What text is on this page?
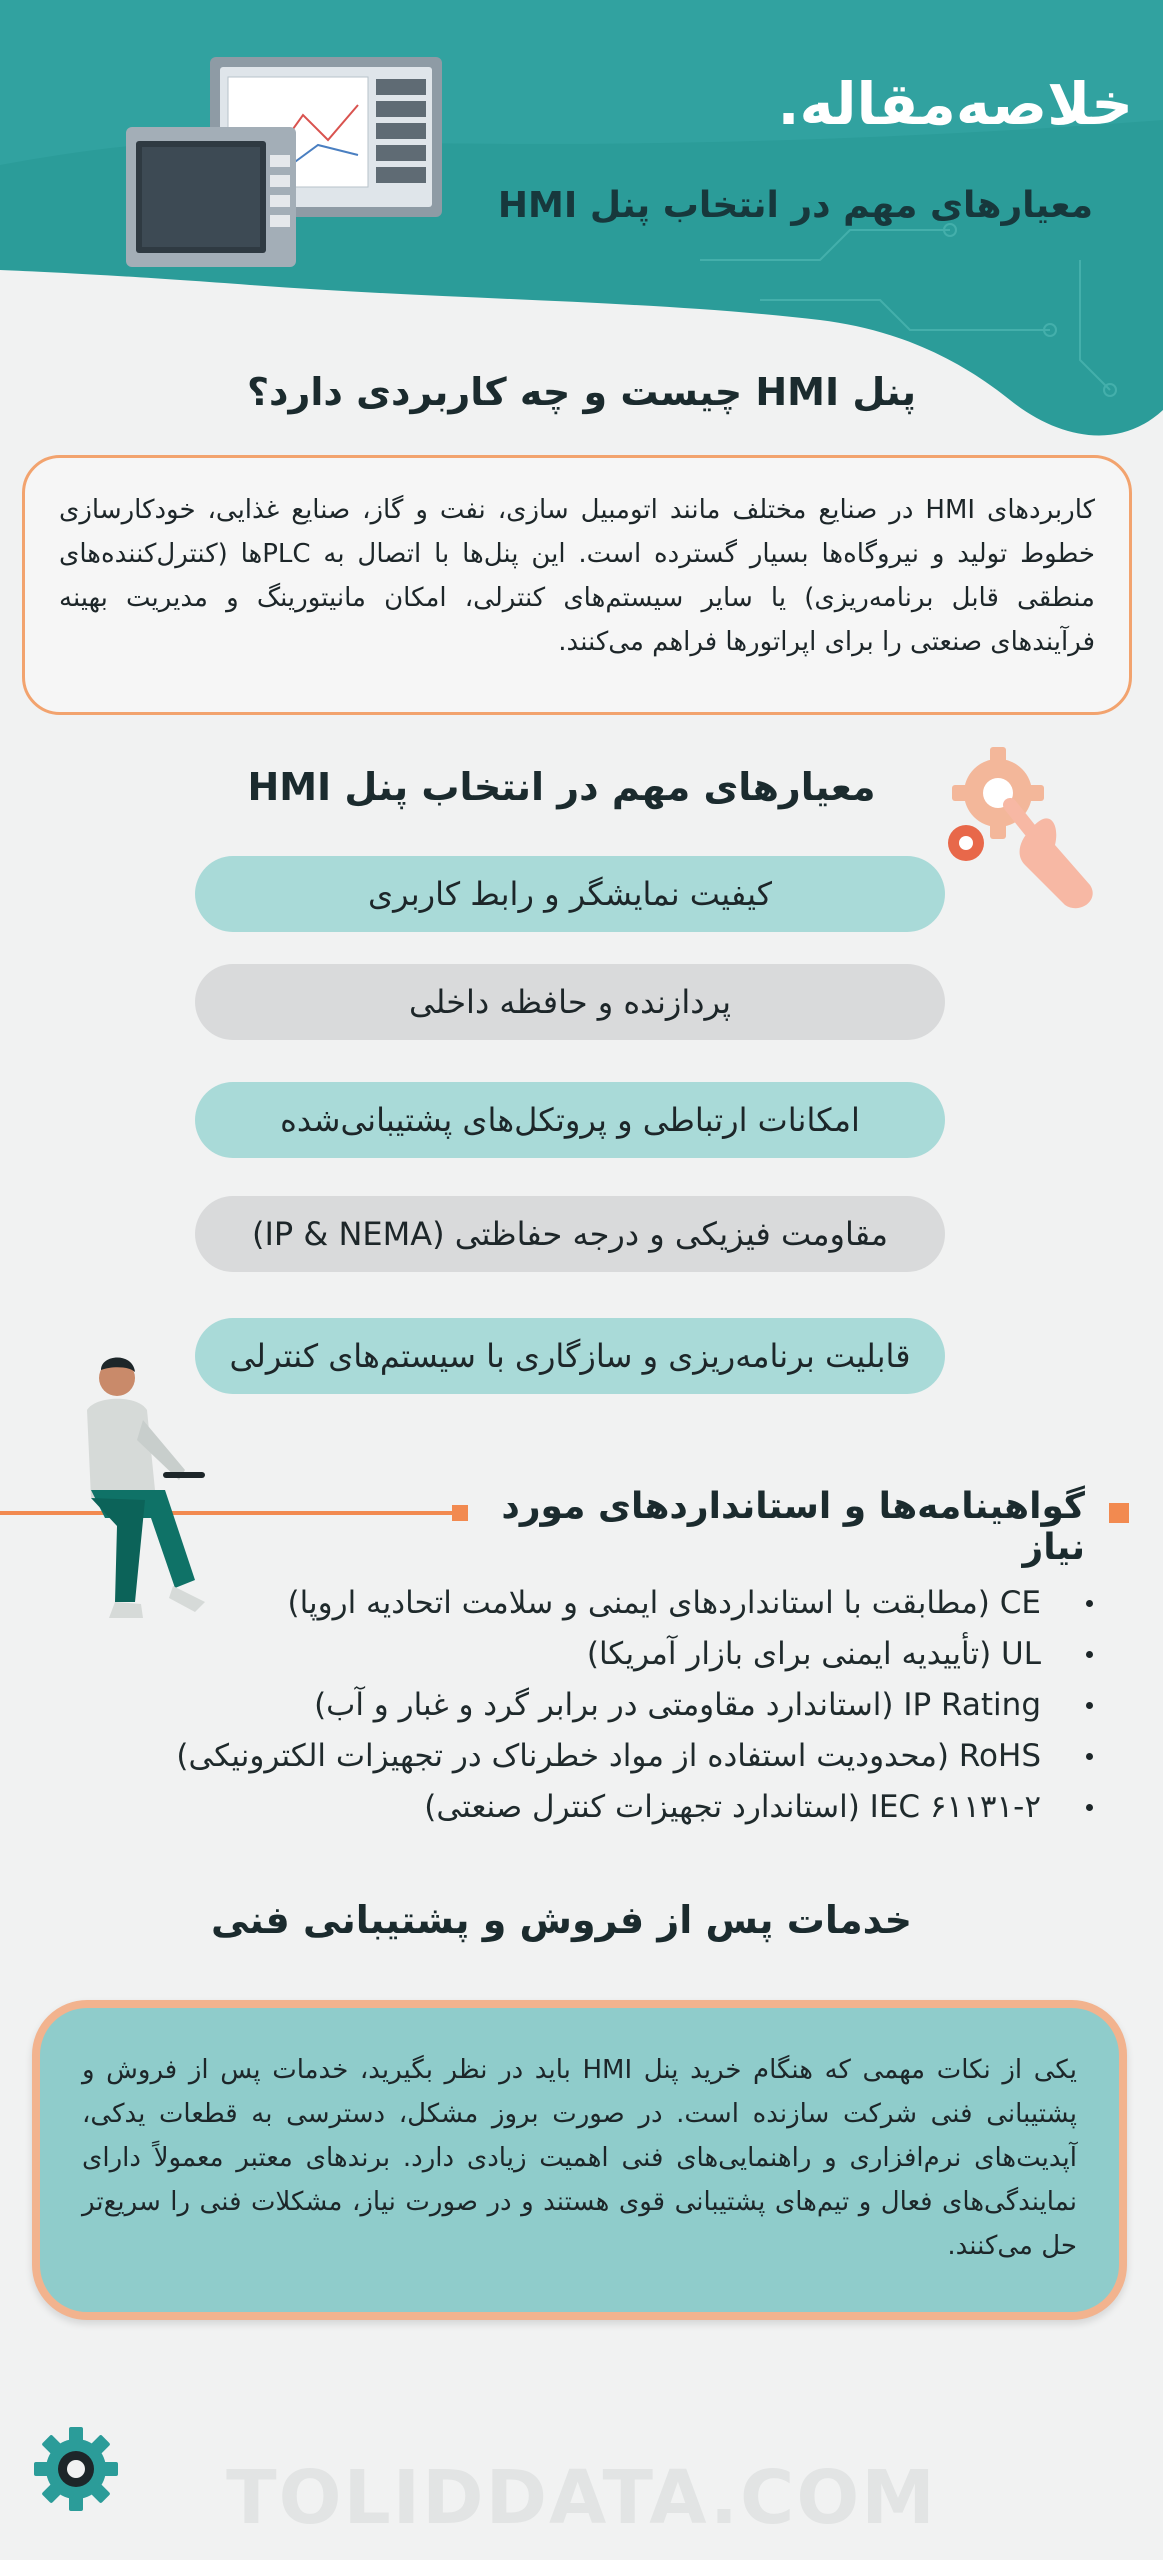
خلاصه‌مقاله.
معیارهای مهم در انتخاب پنل HMI
پنل HMI چیست و چه کاربردی دارد؟
کاربردهای HMI در صنایع مختلف مانند اتومبیل سازی، نفت و گاز، صنایع غذایی، خودکارسازی خطوط تولید و نیروگاه‌ها بسیار گسترده است. این پنل‌ها با اتصال به PLCها (کنترل‌کننده‌های منطقی قابل برنامه‌ریزی) یا سایر سیستم‌های کنترلی، امکان مانیتورینگ و مدیریت بهینه فرآیندهای صنعتی را برای اپراتورها فراهم می‌کنند.
معیارهای مهم در انتخاب پنل HMI
کیفیت نمایشگر و رابط کاربری
پردازنده و حافظه داخلی
امکانات ارتباطی و پروتکل‌های پشتیبانی‌شده
مقاومت فیزیکی و درجه حفاظتی (IP & NEMA)
قابلیت برنامه‌ریزی و سازگاری با سیستم‌های کنترلی
گواهینامه‌ها و استانداردهای مورد نیاز
CE (مطابقت با استانداردهای ایمنی و سلامت اتحادیه اروپا)
UL (تأییدیه ایمنی برای بازار آمریکا)
IP Rating (استاندارد مقاومتی در برابر گرد و غبار و آب)
RoHS (محدودیت استفاده از مواد خطرناک در تجهیزات الکترونیکی)
IEC ۶۱۱۳۱-۲ (استاندارد تجهیزات کنترل صنعتی)
خدمات پس از فروش و پشتیبانی فنی
یکی از نکات مهمی که هنگام خرید پنل HMI باید در نظر بگیرید، خدمات پس از فروش و پشتیبانی فنی شرکت سازنده است. در صورت بروز مشکل، دسترسی به قطعات یدکی، آپدیت‌های نرم‌افزاری و راهنمایی‌های فنی اهمیت زیادی دارد. برندهای معتبر معمولاً دارای نمایندگی‌های فعال و تیم‌های پشتیبانی قوی هستند و در صورت نیاز، مشکلات فنی را سریع‌تر حل می‌کنند.
TOLIDDATA.COM
